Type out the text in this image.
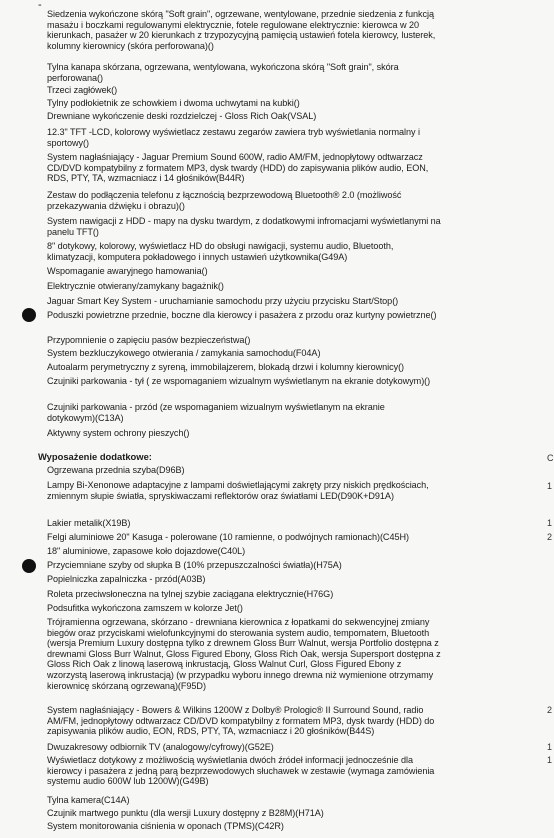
-
Siedzenia wykończone skórą "Soft grain", ogrzewane, wentylowane, przednie siedzenia z funkcją
masażu i boczkami regulowanymi elektrycznie, fotele regulowane elektrycznie: kierowca w 20
kierunkach, pasażer w 20 kierunkach z trzypozycyjną pamięcią ustawień fotela kierowcy, lusterek,
kolumny kierownicy (skóra perforowana)()
Tylna kanapa skórzana, ogrzewana, wentylowana, wykończona skórą "Soft grain", skóra
perforowana()
Trzeci zagłówek()
Tylny podłokietnik ze schowkiem i dwoma uchwytami na kubki()
Drewniane wykończenie deski rozdzielczej - Gloss Rich Oak(VSAL)
12.3" TFT -LCD, kolorowy wyświetlacz zestawu zegarów zawiera tryb wyświetlania normalny i
sportowy()
System nagłaśniający - Jaguar Premium Sound 600W, radio AM/FM, jednopłytowy odtwarzacz
CD/DVD kompatybilny z formatem MP3, dysk twardy (HDD) do zapisywania plików audio, EON,
RDS, PTY, TA, wzmacniacz i 14 głośników(B44R)
Zestaw do podłączenia telefonu z łącznością bezprzewodową Bluetooth® 2.0 (możliwość
przekazywania dźwięku i obrazu)()
System nawigacji z HDD - mapy na dysku twardym, z dodatkowymi infromacjami wyświetlanymi na
panelu TFT()
8" dotykowy, kolorowy, wyświetlacz HD do obsługi nawigacji, systemu audio, Bluetooth,
klimatyzacji, komputera pokładowego i innych ustawień użytkownika(G49A)
Wspomaganie awaryjnego hamowania()
Elektrycznie otwierany/zamykany bagażnik()
Jaguar Smart Key System - uruchamianie samochodu przy użyciu przycisku Start/Stop()
Poduszki powietrzne przednie, boczne dla kierowcy i pasażera z przodu oraz kurtyny powietrzne()
Przypomnienie o zapięciu pasów bezpieczeństwa()
System bezkluczykowego otwierania / zamykania samochodu(F04A)
Autoalarm perymetryczny z syreną, immobilajzerem, blokadą drzwi i kolumny kierownicy()
Czujniki parkowania - tył ( ze wspomaganiem wizualnym wyświetlanym na ekranie dotykowym)()
Czujniki parkowania - przód (ze wspomaganiem wizualnym wyświetlanym na ekranie
dotykowym)(C13A)
Aktywny system ochrony pieszych()
Wyposażenie dodatkowe:
Ogrzewana przednia szyba(D96B)
Lampy Bi-Xenonowe adaptacyjne z lampami doświetlającymi zakręty przy niskich prędkościach,
zmiennym słupie światła, spryskiwaczami reflektorów oraz światłami LED(D90K+D91A)
Lakier metalik(X19B)
Felgi aluminiowe 20" Kasuga - polerowane (10 ramienne, o podwójnych ramionach)(C45H)
18" aluminiowe, zapasowe koło dojazdowe(C40L)
Przyciemniane szyby od słupka B (10% przepuszczalności światła)(H75A)
Popielniczka zapalniczka - przód(A03B)
Roleta przeciwsłoneczna na tylnej szybie zaciągana elektrycznie(H76G)
Podsufitka wykończona zamszem w kolorze Jet()
Trójramienna ogrzewana, skórzano - drewniana kierownica z łopatkami do sekwencyjnej zmiany
biegów oraz przyciskami wielofunkcyjnymi do sterowania system audio, tempomatem, Bluetooth
(wersja Premium Luxury dostępna tylko z drewnem Gloss Burr Walnut, wersja Portfolio dostępna z
drewnami Gloss Burr Walnut, Gloss Figured Ebony, Gloss Rich Oak, wersja Supersport dostępna z
Gloss Rich Oak z linową laserową inkrustacją, Gloss Walnut Curl, Gloss Figured Ebony z
wzorzystą laserową inkrustacją) (w przypadku wyboru innego drewna niż wymienione otrzymamy
kierownicę skórzaną ogrzewaną)(F95D)
System nagłaśniający - Bowers & Wilkins 1200W z Dolby® Prologic® II Surround Sound, radio
AM/FM, jednopłytowy odtwarzacz CD/DVD kompatybilny z formatem MP3, dysk twardy (HDD) do
zapisywania plików audio, EON, RDS, PTY, TA, wzmacniacz i 20 głośników(B44S)
Dwuzakresowy odbiornik TV (analogowy/cyfrowy)(G52E)
Wyświetlacz dotykowy z możliwością wyświetlania dwóch źródeł informacji jednocześnie dla
kierowcy i pasażera z jedną parą bezprzewodowych słuchawek w zestawie (wymaga zamówienia
systemu audio 600W lub 1200W)(G49B)
Tylna kamera(C14A)
Czujnik martwego punktu (dla wersji Luxury dostępny z B28M)(H71A)
System monitorowania ciśnienia w oponach (TPMS)(C42R)
C
1
1
2
2
1
1
